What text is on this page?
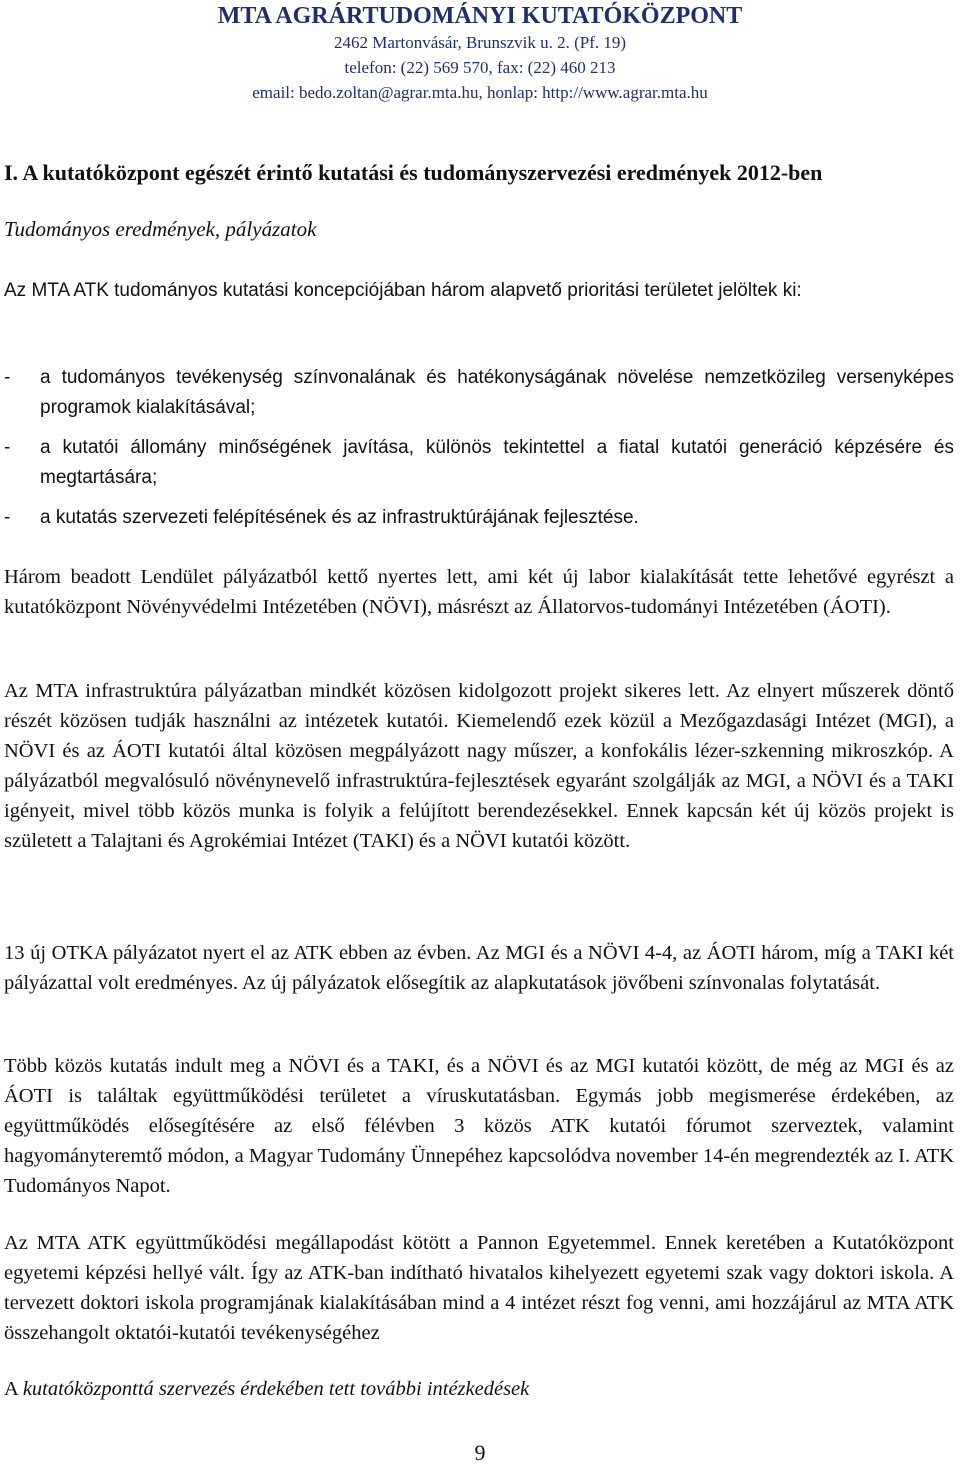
MTA AGRÁRTUDOMÁNYI KUTATÓKÖZPONT
2462 Martonvásár, Brunszvik u. 2. (Pf. 19)
telefon: (22) 569 570, fax: (22) 460 213
email: bedo.zoltan@agrar.mta.hu, honlap: http://www.agrar.mta.hu
I. A kutatóközpont egészét érintő kutatási és tudományszervezési eredmények 2012-ben
Tudományos eredmények, pályázatok

Az MTA ATK tudományos kutatási koncepciójában három alapvető prioritási területet jelöltek ki:

- a tudományos tevékenység színvonalának és hatékonyságának növelése nemzetközileg versenyképes programok kialakításával;
- a kutatói állomány minőségének javítása, különös tekintettel a fiatal kutatói generáció képzésére és megtartására;
- a kutatás szervezeti felépítésének és az infrastruktúrájának fejlesztése.

Három beadott Lendület pályázatból kettő nyertes lett, ami két új labor kialakítását tette lehetővé egyrészt a kutatóközpont Növényvédelmi Intézetében (NÖVI), másrészt az Állatorvos-tudományi Intézetében (ÁOTI).

Az MTA infrastruktúra pályázatban mindkét közösen kidolgozott projekt sikeres lett. Az elnyert műszerek döntő részét közösen tudják használni az intézetek kutatói. Kiemelendő ezek közül a Mezőgazdasági Intézet (MGI), a NÖVI és az ÁOTI kutatói által közösen megpályázott nagy műszer, a konfokális lézer-szkenning mikroszkóp. A pályázatból megvalósuló növénynevelő infrastruktúra-fejlesztések egyaránt szolgálják az MGI, a NÖVI és a TAKI igényeit, mivel több közös munka is folyik a felújított berendezésekkel. Ennek kapcsán két új közös projekt is született a Talajtani és Agrokémiai Intézet (TAKI) és a NÖVI kutatói között.

13 új OTKA pályázatot nyert el az ATK ebben az évben. Az MGI és a NÖVI 4-4, az ÁOTI három, míg a TAKI két pályázattal volt eredményes. Az új pályázatok elősegítik az alapkutatások jövőbeni színvonalas folytatását.

Több közös kutatás indult meg a NÖVI és a TAKI, és a NÖVI és az MGI kutatói között, de még az MGI és az ÁOTI is találtak együttműködési területet a víruskutatásban. Egymás jobb megismerése érdekében, az együttműködés elősegítésére az első félévben 3 közös ATK kutatói fórumot szerveztek, valamint hagyományteremtő módon, a Magyar Tudomány Ünnepéhez kapcsolódva november 14-én megrendezték az I. ATK Tudományos Napot.

Az MTA ATK együttműködési megállapodást kötött a Pannon Egyetemmel. Ennek keretében a Kutatóközpont egyetemi képzési hellyé vált. Így az ATK-ban indítható hivatalos kihelyezett egyetemi szak vagy doktori iskola. A tervezett doktori iskola programjának kialakításában mind a 4 intézet részt fog venni, ami hozzájárul az MTA ATK összehangolt oktatói-kutatói tevékenységéhez

A kutatóközponttá szervezés érdekében tett további intézkedések
9
